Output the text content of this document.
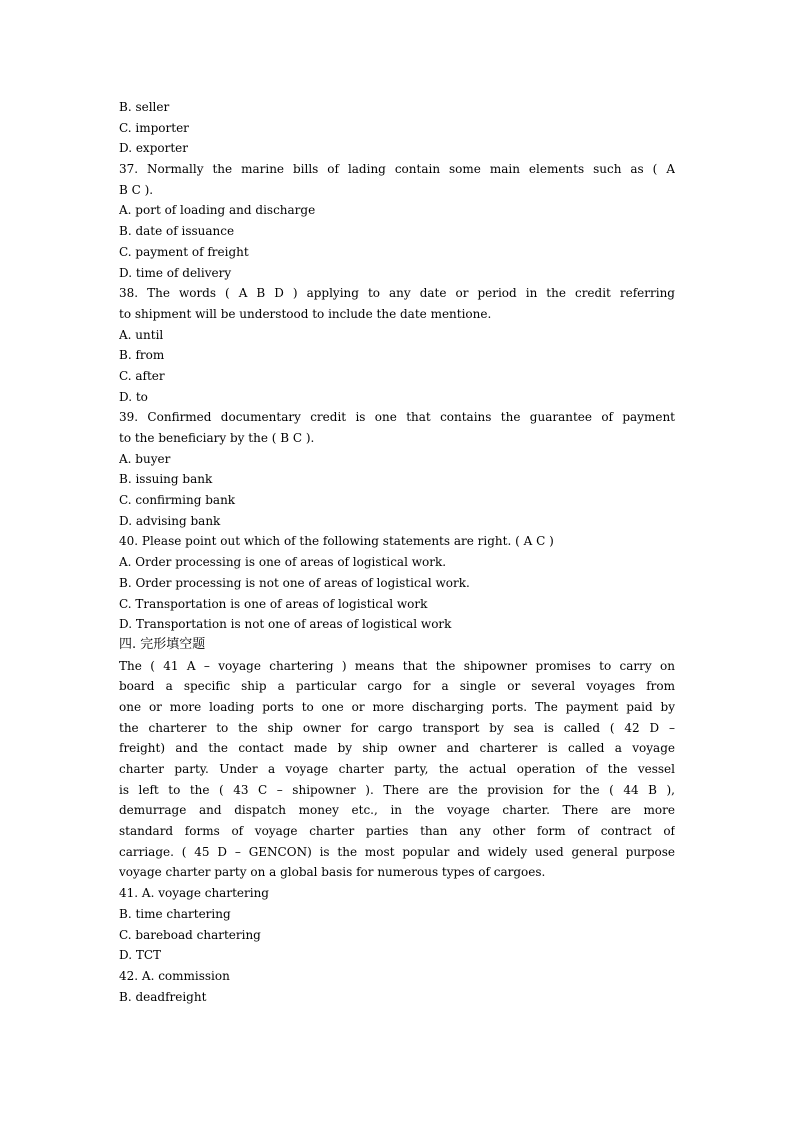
B. seller
C. importer
D. exporter
37. Normally the marine bills of lading contain some main elements such as ( A
B C ).
A. port of loading and discharge
B. date of issuance
C. payment of freight
D. time of delivery
38. The words ( A B D ) applying to any date or period in the credit referring
to shipment will be understood to include the date mentione.
A. until
B. from
C. after
D. to
39. Confirmed documentary credit is one that contains the guarantee of payment
to the beneficiary by the ( B C ).
A. buyer
B. issuing bank
C. confirming bank
D. advising bank
40. Please point out which of the following statements are right. ( A C )
A. Order processing is one of areas of logistical work.
B. Order processing is not one of areas of logistical work.
C. Transportation is one of areas of logistical work
D. Transportation is not one of areas of logistical work
四. 完形填空题
The ( 41 A – voyage chartering ) means that the shipowner promises to carry on
board a specific ship a particular cargo for a single or several voyages from
one or more loading ports to one or more discharging ports. The payment paid by
the charterer to the ship owner for cargo transport by sea is called ( 42 D –
freight) and the contact made by ship owner and charterer is called a voyage
charter party. Under a voyage charter party, the actual operation of the vessel
is left to the ( 43 C – shipowner ). There are the provision for the ( 44 B ),
demurrage and dispatch money etc., in the voyage charter. There are more
standard forms of voyage charter parties than any other form of contract of
carriage. ( 45 D – GENCON) is the most popular and widely used general purpose
voyage charter party on a global basis for numerous types of cargoes.
41. A. voyage chartering
B. time chartering
C. bareboad chartering
D. TCT
42. A. commission
B. deadfreight
